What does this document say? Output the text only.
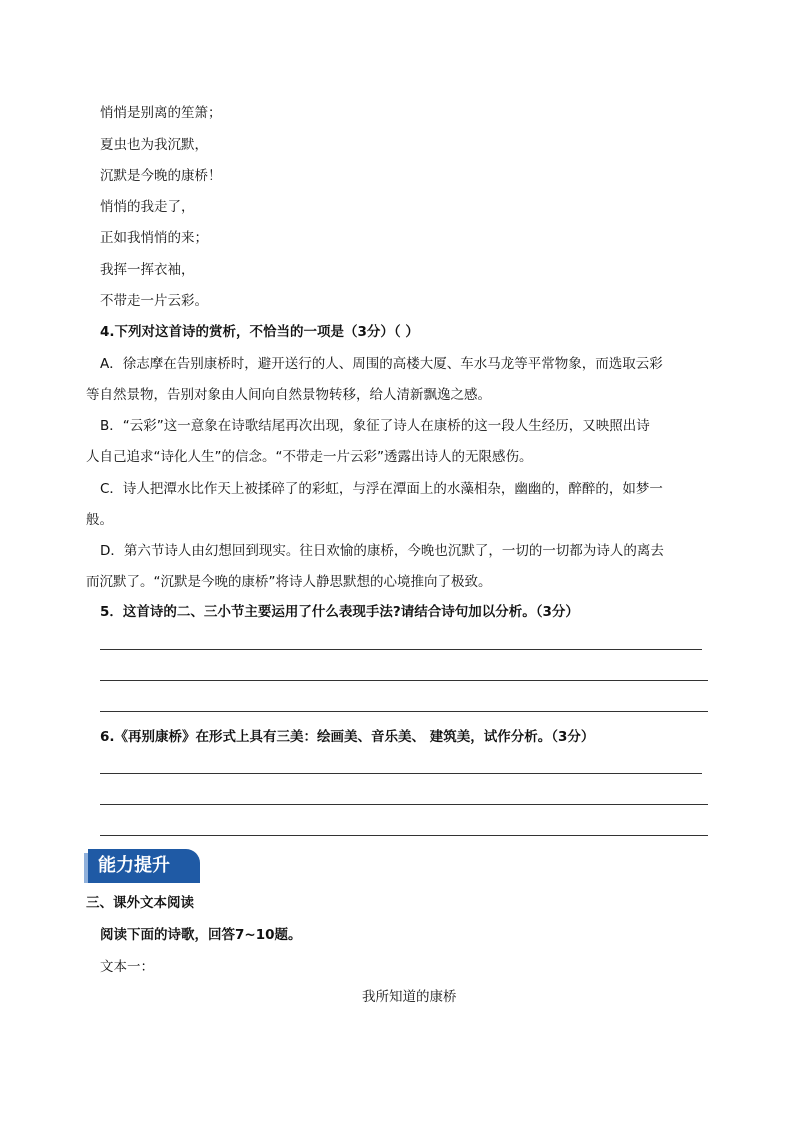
悄悄是别离的笙箫；
夏虫也为我沉默，
沉默是今晚的康桥！
悄悄的我走了，
正如我悄悄的来；
我挥一挥衣袖，
不带走一片云彩。
4.下列对这首诗的赏析，不恰当的一项是（3分）（ ）
A．徐志摩在告别康桥时，避开送行的人、周围的高楼大厦、车水马龙等平常物象，而选取云彩
等自然景物，告别对象由人间向自然景物转移，给人清新飘逸之感。
B．“云彩”这一意象在诗歌结尾再次出现，象征了诗人在康桥的这一段人生经历，又映照出诗
人自己追求“诗化人生”的信念。“不带走一片云彩”透露出诗人的无限感伤。
C．诗人把潭水比作天上被揉碎了的彩虹，与浮在潭面上的水藻相杂，幽幽的，醉醉的，如梦一
般。
D．第六节诗人由幻想回到现实。往日欢愉的康桥，今晚也沉默了，一切的一切都为诗人的离去
而沉默了。“沉默是今晚的康桥”将诗人静思默想的心境推向了极致。
5．这首诗的二、三小节主要运用了什么表现手法?请结合诗句加以分析。（3分）
6.《再别康桥》在形式上具有三美：绘画美、音乐美、 建筑美，试作分析。（3分）
能力提升
三、课外文本阅读
阅读下面的诗歌，回答7~10题。
文本一：
我所知道的康桥
